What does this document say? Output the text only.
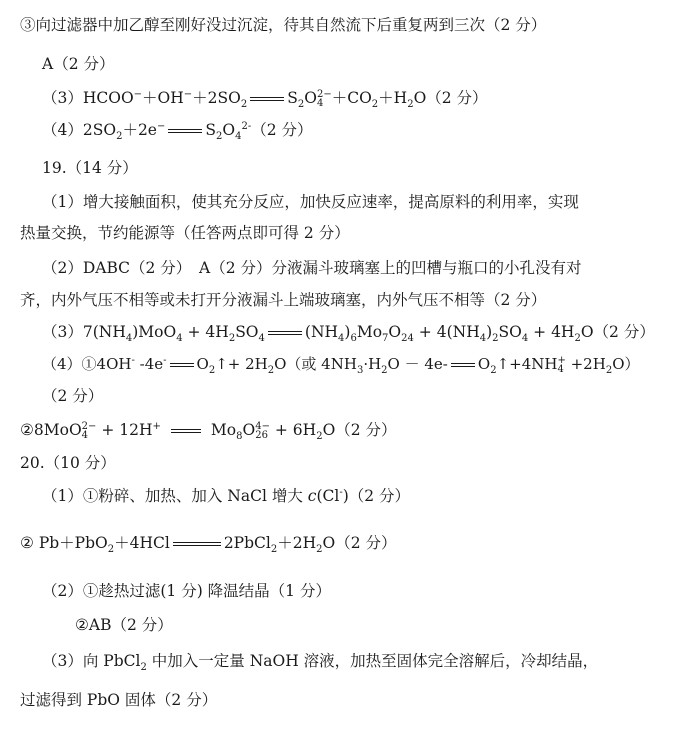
③向过滤器中加乙醇至刚好没过沉淀，待其自然流下后重复两到三次（2 分）
A（2 分）
$(3)HCOO^-+OH^-+2SO_2$	$S_2O$ 2−
$4 +CO_2+H_2O(2$ 分）
$(4)2SO_2+2e^-$	$S_2O_4^{2-}(2$ 分）
19.（14 分）
（1）增大接触面积，使其充分反应，加快反应速率，提高原料的利用率，实现
热量交换，节约能源等（任答两点即可得 2 分）
（2）DABC（2 分）　A（2 分）分液漏斗玻璃塞上的凹槽与瓶口的小孔没有对
齐，内外气压不相等或未打开分液漏斗上端玻璃塞，内外气压不相等（2 分）
$(3)7(NH_4)MoO_4 + 4H_2SO_4$	$(NH_4)_6Mo_7O_{24} + 4(NH_4)_2SO_4 + 4H_2O(2$ 分）
（4）①4OH- -4e- $O_2↑+ 2H_2O$（或 $4NH_3\cdot H_2O - 4e-$ $O_2↑+4NH$ +
$4 +2H_2O$）
（2 分）
②8MoO 2−
4 + 12H+	$Mo_8O$ 4−
$26 + 6H_2O(2$ 分）
20.（10 分）
（1）①粉碎、加热、加入 NaCl 增大 c(Cl-)（2 分）
② Pb＋PbO$_2$＋4HCl	$2PbCl_2+2H_2O(2$ 分）
（2）①趁热过滤(1 分) 降温结晶（1 分）
②AB（2 分）
（3）向 PbCl$_2$ 中加入一定量 NaOH 溶液，加热至固体完全溶解后，冷却结晶，
过滤得到 PbO 固体（2 分）
